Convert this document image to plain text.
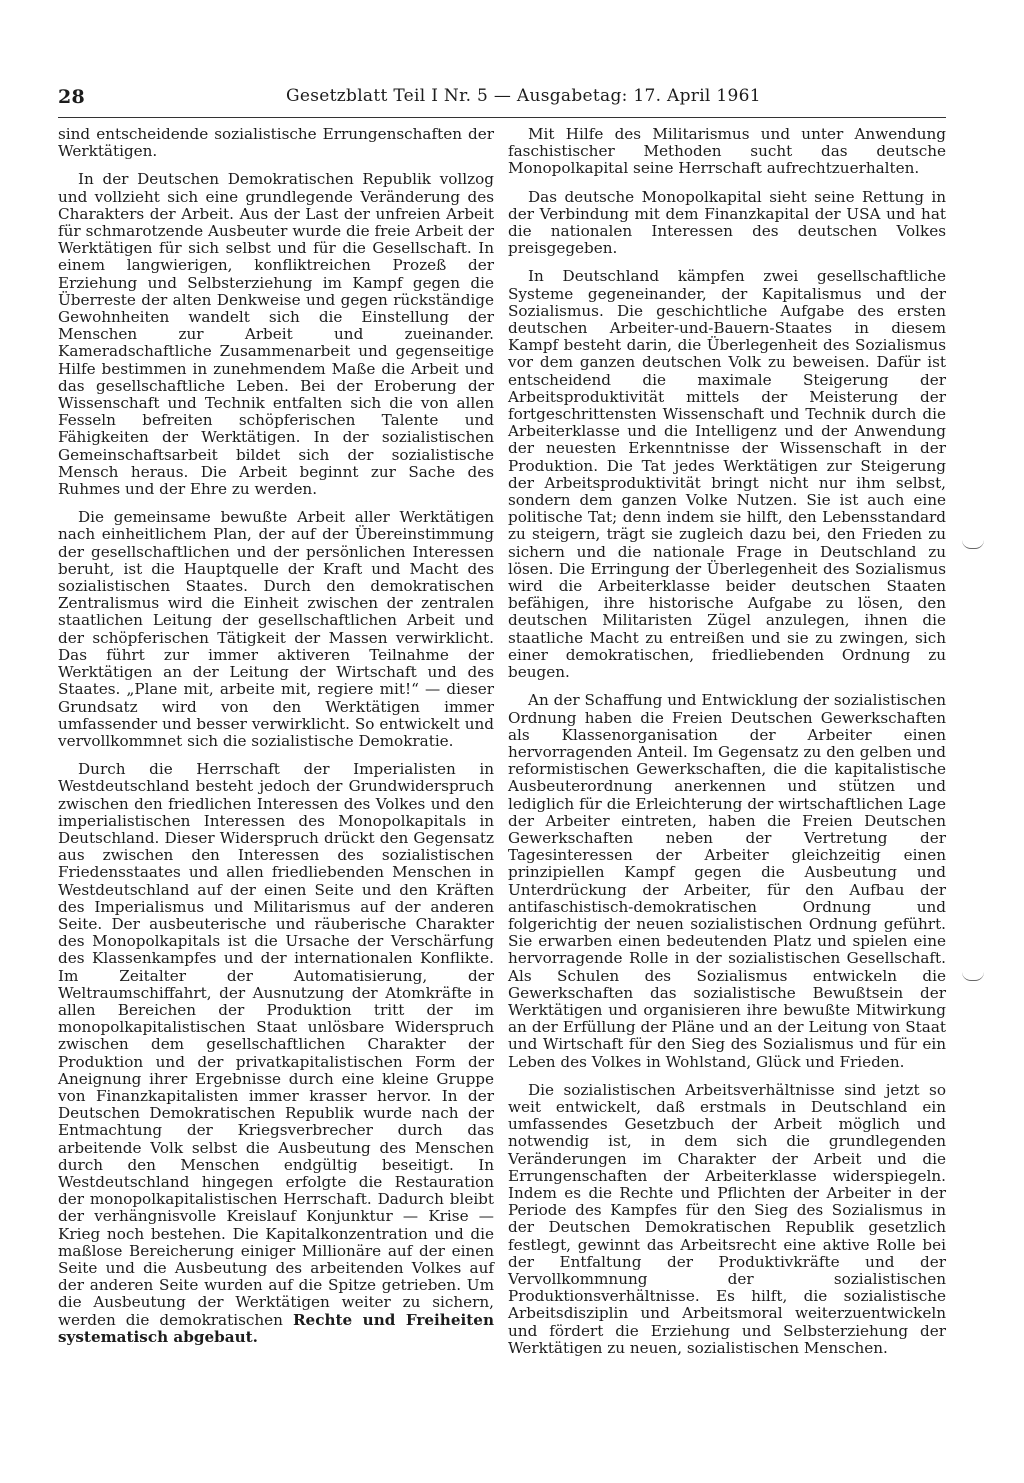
28	Gesetzblatt Teil I Nr. 5 — Ausgabetag: 17. April 1961

sind entscheidende sozialistische Errungenschaften der Werktätigen.

In der Deutschen Demokratischen Republik vollzog und vollzieht sich eine grundlegende Veränderung des Charakters der Arbeit. Aus der Last der unfreien Arbeit für schmarotzende Ausbeuter wurde die freie Arbeit der Werktätigen für sich selbst und für die Gesellschaft. In einem langwierigen, konfliktreichen Prozeß der Erziehung und Selbsterziehung im Kampf gegen die Überreste der alten Denkweise und gegen rückständige Gewohnheiten wandelt sich die Einstellung der Menschen zur Arbeit und zueinander. Kameradschaftliche Zusammenarbeit und gegenseitige Hilfe bestimmen in zunehmendem Maße die Arbeit und das gesellschaftliche Leben. Bei der Eroberung der Wissenschaft und Technik entfalten sich die von allen Fesseln befreiten schöpferischen Talente und Fähigkeiten der Werktätigen. In der sozialistischen Gemeinschaftsarbeit bildet sich der sozialistische Mensch heraus. Die Arbeit beginnt zur Sache des Ruhmes und der Ehre zu werden.

Die gemeinsame bewußte Arbeit aller Werktätigen nach einheitlichem Plan, der auf der Übereinstimmung der gesellschaftlichen und der persönlichen Interessen beruht, ist die Hauptquelle der Kraft und Macht des sozialistischen Staates. Durch den demokratischen Zentralismus wird die Einheit zwischen der zentralen staatlichen Leitung der gesellschaftlichen Arbeit und der schöpferischen Tätigkeit der Massen verwirklicht. Das führt zur immer aktiveren Teilnahme der Werktätigen an der Leitung der Wirtschaft und des Staates. „Plane mit, arbeite mit, regiere mit!“ — dieser Grundsatz wird von den Werktätigen immer umfassender und besser verwirklicht. So entwickelt und vervollkommnet sich die sozialistische Demokratie.

Durch die Herrschaft der Imperialisten in Westdeutschland besteht jedoch der Grundwiderspruch zwischen den friedlichen Interessen des Volkes und den imperialistischen Interessen des Monopolkapitals in Deutschland. Dieser Widerspruch drückt den Gegensatz aus zwischen den Interessen des sozialistischen Friedensstaates und allen friedliebenden Menschen in Westdeutschland auf der einen Seite und den Kräften des Imperialismus und Militarismus auf der anderen Seite. Der ausbeuterische und räuberische Charakter des Monopolkapitals ist die Ursache der Verschärfung des Klassenkampfes und der internationalen Konflikte. Im Zeitalter der Automatisierung, der Weltraumschiffahrt, der Ausnutzung der Atomkräfte in allen Bereichen der Produktion tritt der im monopolkapitalistischen Staat unlösbare Widerspruch zwischen dem gesellschaftlichen Charakter der Produktion und der privatkapitalistischen Form der Aneignung ihrer Ergebnisse durch eine kleine Gruppe von Finanzkapitalisten immer krasser hervor. In der Deutschen Demokratischen Republik wurde nach der Entmachtung der Kriegsverbrecher durch das arbeitende Volk selbst die Ausbeutung des Menschen durch den Menschen endgültig beseitigt. In Westdeutschland hingegen erfolgte die Restauration der monopolkapitalistischen Herrschaft. Dadurch bleibt der verhängnisvolle Kreislauf Konjunktur — Krise — Krieg noch bestehen. Die Kapitalkonzentration und die maßlose Bereicherung einiger Millionäre auf der einen Seite und die Ausbeutung des arbeitenden Volkes auf der anderen Seite wurden auf die Spitze getrieben. Um die Ausbeutung der Werktätigen weiter zu sichern, werden die demokratischen Rechte und Freiheiten systematisch abgebaut.

Mit Hilfe des Militarismus und unter Anwendung faschistischer Methoden sucht das deutsche Monopolkapital seine Herrschaft aufrechtzuerhalten.

Das deutsche Monopolkapital sieht seine Rettung in der Verbindung mit dem Finanzkapital der USA und hat die nationalen Interessen des deutschen Volkes preisgegeben.

In Deutschland kämpfen zwei gesellschaftliche Systeme gegeneinander, der Kapitalismus und der Sozialismus. Die geschichtliche Aufgabe des ersten deutschen Arbeiter-und-Bauern-Staates in diesem Kampf besteht darin, die Überlegenheit des Sozialismus vor dem ganzen deutschen Volk zu beweisen. Dafür ist entscheidend die maximale Steigerung der Arbeitsproduktivität mittels der Meisterung der fortgeschrittensten Wissenschaft und Technik durch die Arbeiterklasse und die Intelligenz und der Anwendung der neuesten Erkenntnisse der Wissenschaft in der Produktion. Die Tat jedes Werktätigen zur Steigerung der Arbeitsproduktivität bringt nicht nur ihm selbst, sondern dem ganzen Volke Nutzen. Sie ist auch eine politische Tat; denn indem sie hilft, den Lebensstandard zu steigern, trägt sie zugleich dazu bei, den Frieden zu sichern und die nationale Frage in Deutschland zu lösen. Die Erringung der Überlegenheit des Sozialismus wird die Arbeiterklasse beider deutschen Staaten befähigen, ihre historische Aufgabe zu lösen, den deutschen Militaristen Zügel anzulegen, ihnen die staatliche Macht zu entreißen und sie zu zwingen, sich einer demokratischen, friedliebenden Ordnung zu beugen.

An der Schaffung und Entwicklung der sozialistischen Ordnung haben die Freien Deutschen Gewerkschaften als Klassenorganisation der Arbeiter einen hervorragenden Anteil. Im Gegensatz zu den gelben und reformistischen Gewerkschaften, die die kapitalistische Ausbeuterordnung anerkennen und stützen und lediglich für die Erleichterung der wirtschaftlichen Lage der Arbeiter eintreten, haben die Freien Deutschen Gewerkschaften neben der Vertretung der Tagesinteressen der Arbeiter gleichzeitig einen prinzipiellen Kampf gegen die Ausbeutung und Unterdrückung der Arbeiter, für den Aufbau der antifaschistisch-demokratischen Ordnung und folgerichtig der neuen sozialistischen Ordnung geführt. Sie erwarben einen bedeutenden Platz und spielen eine hervorragende Rolle in der sozialistischen Gesellschaft. Als Schulen des Sozialismus entwickeln die Gewerkschaften das sozialistische Bewußtsein der Werktätigen und organisieren ihre bewußte Mitwirkung an der Erfüllung der Pläne und an der Leitung von Staat und Wirtschaft für den Sieg des Sozialismus und für ein Leben des Volkes in Wohlstand, Glück und Frieden.

Die sozialistischen Arbeitsverhältnisse sind jetzt so weit entwickelt, daß erstmals in Deutschland ein umfassendes Gesetzbuch der Arbeit möglich und notwendig ist, in dem sich die grundlegenden Veränderungen im Charakter der Arbeit und die Errungenschaften der Arbeiterklasse widerspiegeln. Indem es die Rechte und Pflichten der Arbeiter in der Periode des Kampfes für den Sieg des Sozialismus in der Deutschen Demokratischen Republik gesetzlich festlegt, gewinnt das Arbeitsrecht eine aktive Rolle bei der Entfaltung der Produktivkräfte und der Vervollkommnung der sozialistischen Produktionsverhältnisse. Es hilft, die sozialistische Arbeitsdisziplin und Arbeitsmoral weiterzuentwickeln und fördert die Erziehung und Selbsterziehung der Werktätigen zu neuen, sozialistischen Menschen.
